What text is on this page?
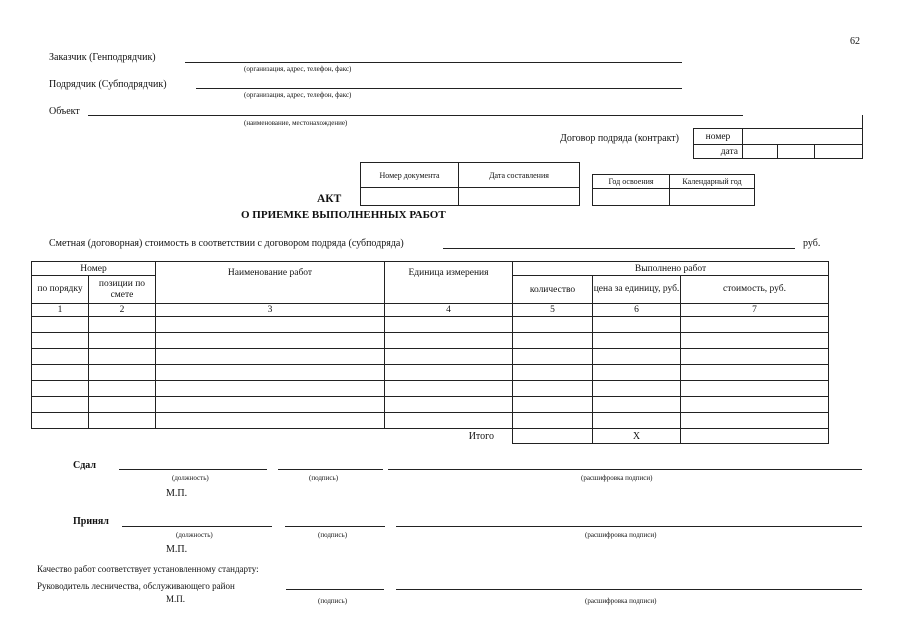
62
Заказчик (Генподрядчик)
(организация, адрес, телефон, факс)
Подрядчик (Субподрядчик)
(организация, адрес, телефон, факс)
Объект
(наименование, местонахождение)
Договор подряда (контракт)	номер			
дата			
Номер документа	Дата составления

АКТ
О ПРИЕМКЕ ВЫПОЛНЕННЫХ РАБОТ
Год освоения	Календарный год

Сметная (договорная) стоимость в соответствии с договором подряда (субподряда)	руб.
Номер		Наименование работ	Единица измерения	Выполнено работ		
по порядку	позиции по смете			количество	цена за единицу, руб.	стоимость, руб.
1	2	3	4	5	6	7

Итого					Х	
Сдал
(должность)	(подпись)	(расшифровка подписи)
М.П.
Принял
(должность)	(подпись)	(расшифровка подписи)
М.П.
Качество работ соответствует установленному стандарту:
Руководитель лесничества, обслуживающего район
М.П.	(подпись)	(расшифровка подписи)
